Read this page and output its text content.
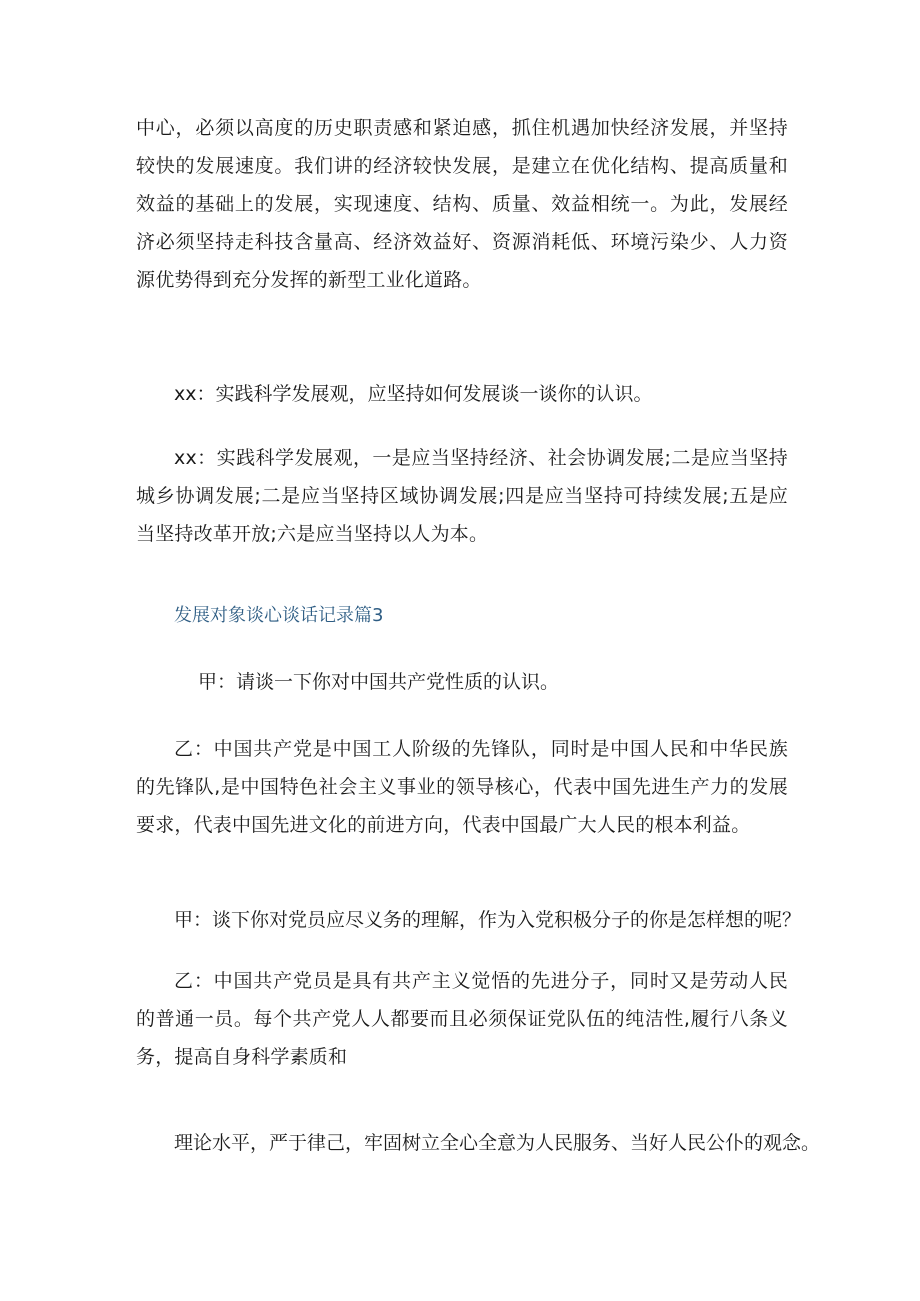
中心，必须以高度的历史职责感和紧迫感，抓住机遇加快经济发展，并坚持较快的发展速度。我们讲的经济较快发展，是建立在优化结构、提高质量和效益的基础上的发展，实现速度、结构、质量、效益相统一。为此，发展经济必须坚持走科技含量高、经济效益好、资源消耗低、环境污染少、人力资源优势得到充分发挥的新型工业化道路。

xx：实践科学发展观，应坚持如何发展谈一谈你的认识。

xx：实践科学发展观，一是应当坚持经济、社会协调发展;二是应当坚持城乡协调发展;二是应当坚持区域协调发展;四是应当坚持可持续发展;五是应当坚持改革开放;六是应当坚持以人为本。

发展对象谈心谈话记录篇3

甲：请谈一下你对中国共产党性质的认识。

乙：中国共产党是中国工人阶级的先锋队，同时是中国人民和中华民族的先锋队,是中国特色社会主义事业的领导核心，代表中国先进生产力的发展要求，代表中国先进文化的前进方向，代表中国最广大人民的根本利益。

甲：谈下你对党员应尽义务的理解，作为入党积极分子的你是怎样想的呢？

乙：中国共产党员是具有共产主义觉悟的先进分子，同时又是劳动人民的普通一员。每个共产党人人都要而且必须保证党队伍的纯洁性,履行八条义务，提高自身科学素质和

理论水平，严于律己，牢固树立全心全意为人民服务、当好人民公仆的观念。
